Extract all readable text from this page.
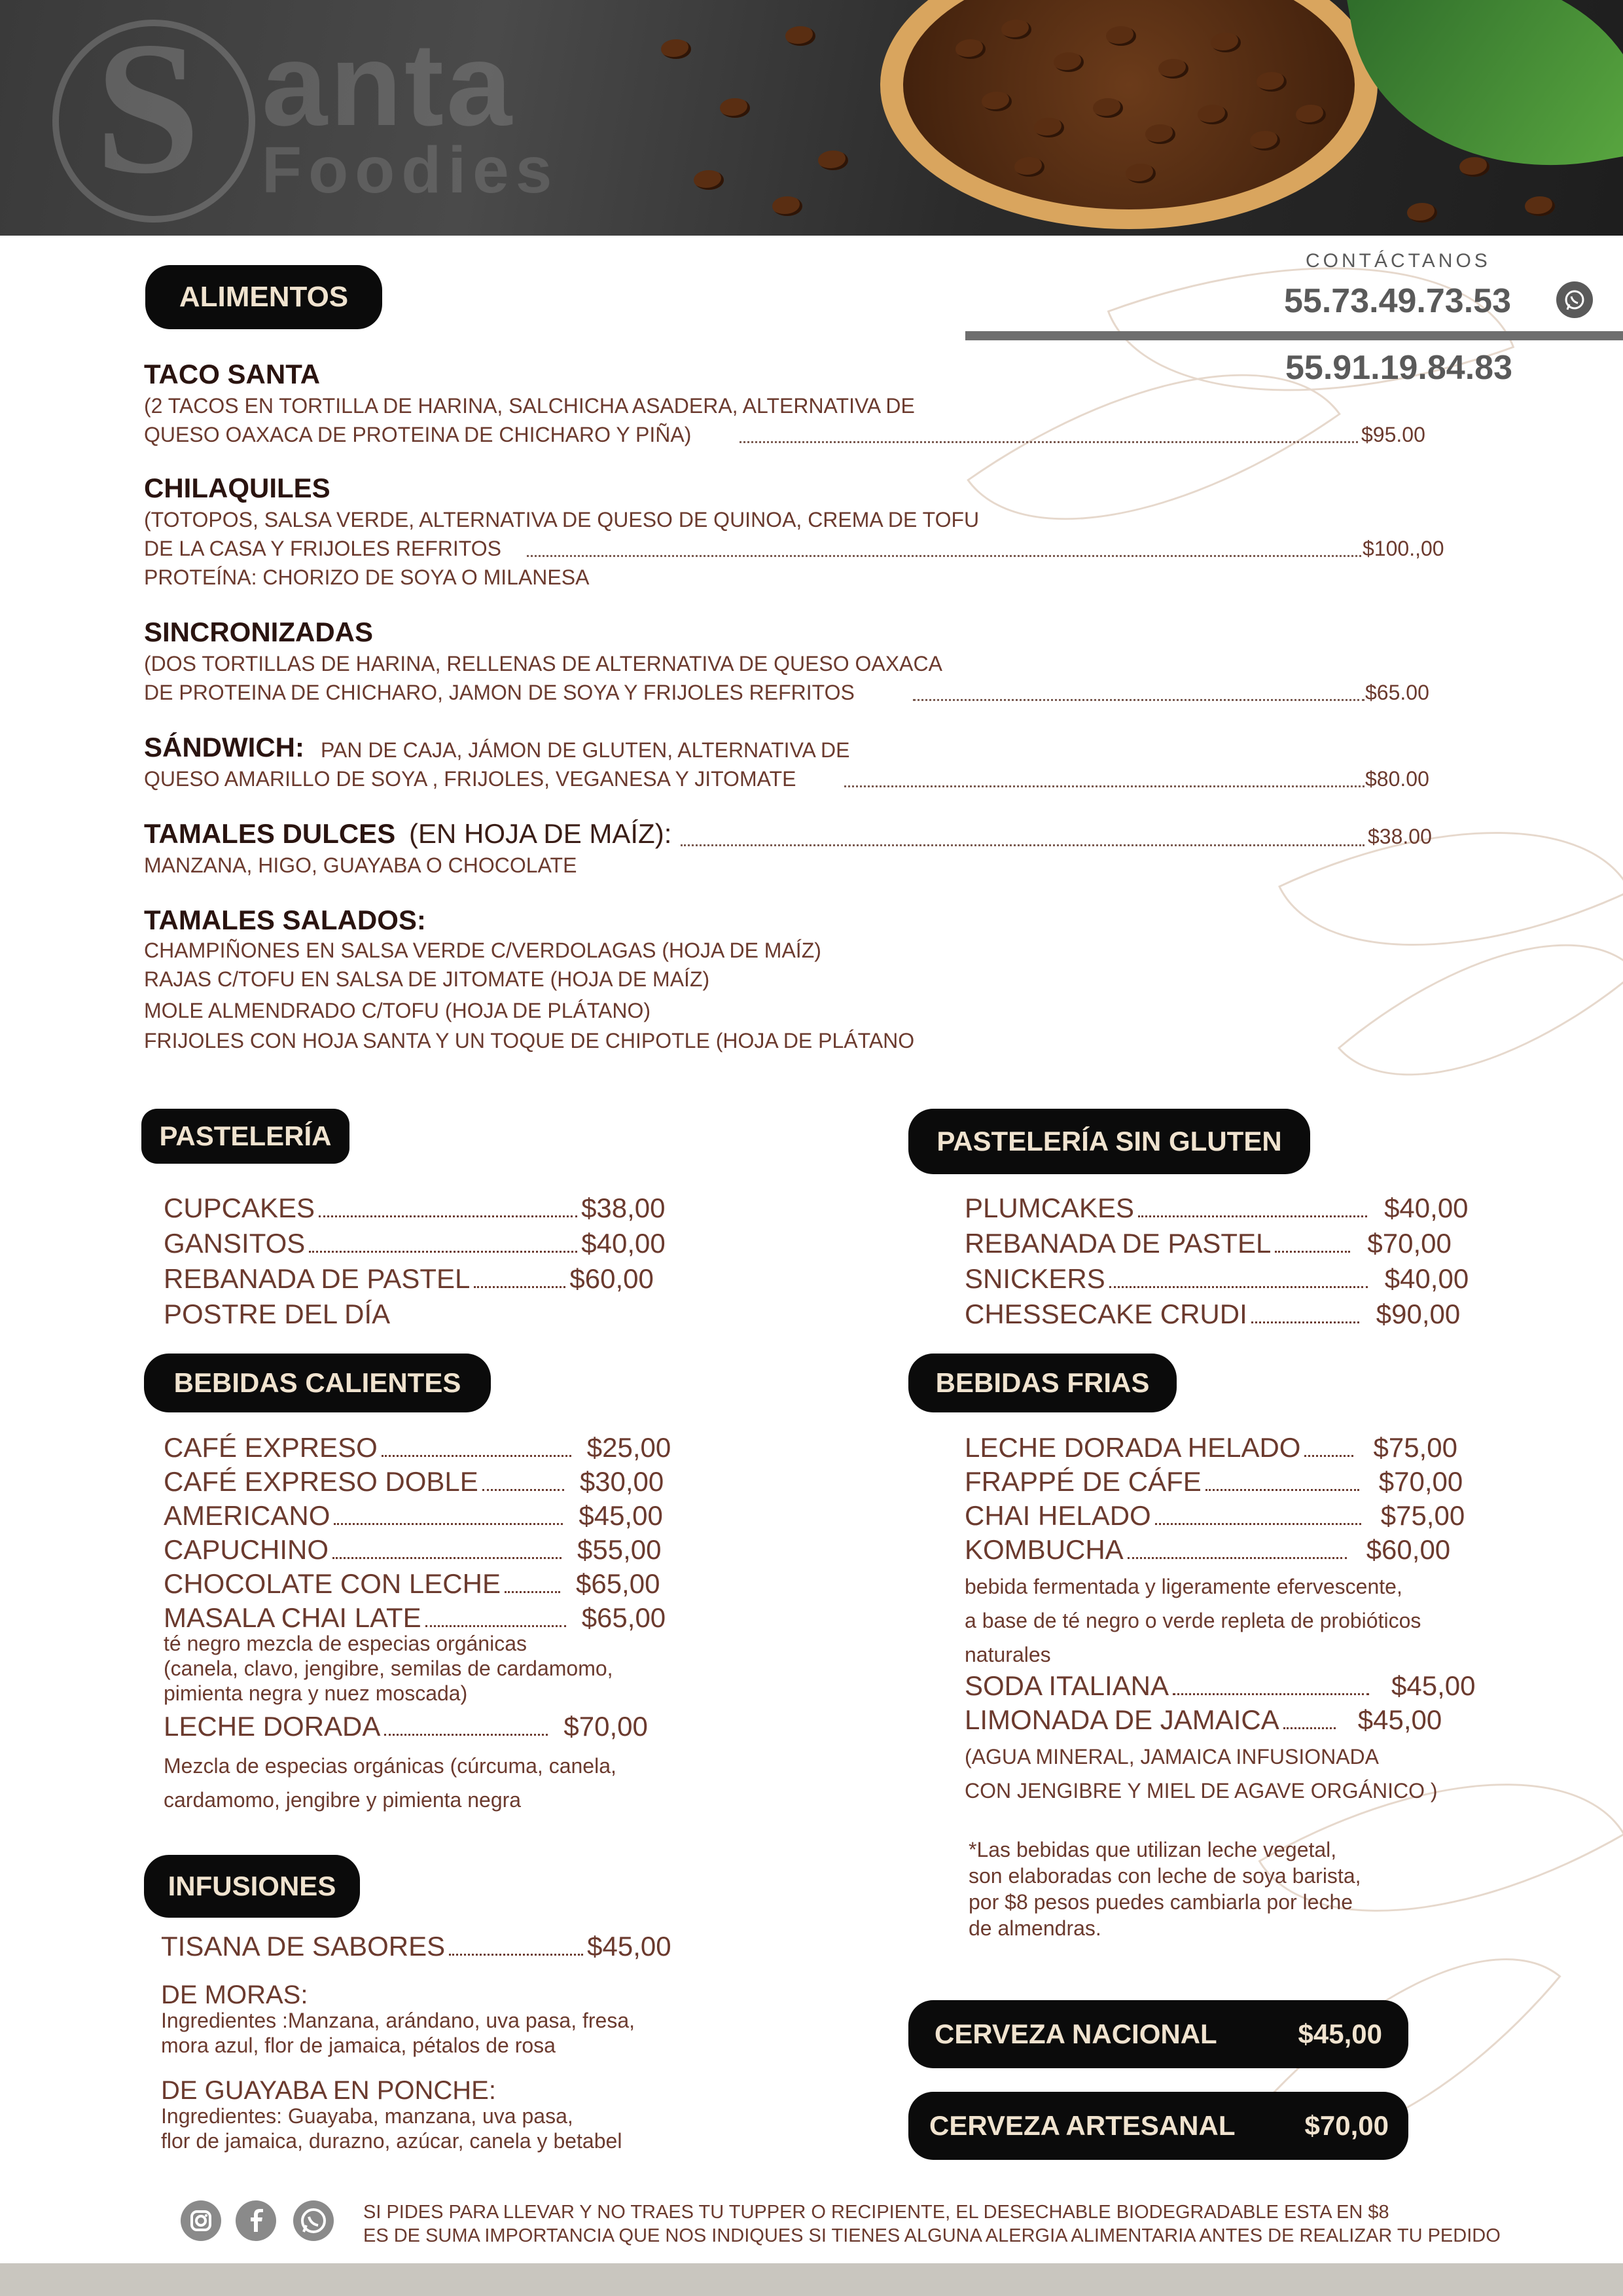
S anta
Foodies
CONTÁCTANOS
55.73.49.73.53
55.91.19.84.83
ALIMENTOS
TACO SANTA
(2 TACOS EN TORTILLA DE HARINA, SALCHICHA ASADERA, ALTERNATIVA DE
QUESO OAXACA DE PROTEINA DE CHICHARO Y PIÑA)	$95.00
CHILAQUILES
(TOTOPOS, SALSA VERDE, ALTERNATIVA DE QUESO DE QUINOA, CREMA DE TOFU
DE LA CASA Y FRIJOLES REFRITOS	$100.,00
PROTEÍNA: CHORIZO DE SOYA O MILANESA
SINCRONIZADAS
(DOS TORTILLAS DE HARINA, RELLENAS DE ALTERNATIVA DE QUESO OAXACA
DE PROTEINA DE CHICHARO, JAMON DE SOYA Y FRIJOLES REFRITOS	$65.00
SÁNDWICH: PAN DE CAJA, JÁMON DE GLUTEN, ALTERNATIVA DE
QUESO AMARILLO DE SOYA , FRIJOLES, VEGANESA Y JITOMATE	$80.00
TAMALES DULCES (EN HOJA DE MAÍZ):	$38.00
MANZANA, HIGO, GUAYABA O CHOCOLATE
TAMALES SALADOS:
CHAMPIÑONES EN SALSA VERDE C/VERDOLAGAS (HOJA DE MAÍZ)
RAJAS C/TOFU EN SALSA DE JITOMATE (HOJA DE MAÍZ)
MOLE ALMENDRADO C/TOFU (HOJA DE PLÁTANO)
FRIJOLES CON HOJA SANTA Y UN TOQUE DE CHIPOTLE (HOJA DE PLÁTANO
PASTELERÍA
CUPCAKES	$38,00
GANSITOS	$40,00
REBANADA DE PASTEL	$60,00
POSTRE DEL DÍA
PASTELERÍA SIN GLUTEN
PLUMCAKES	$40,00
REBANADA DE PASTEL	$70,00
SNICKERS	$40,00
CHESSECAKE CRUDI	$90,00
BEBIDAS CALIENTES
CAFÉ EXPRESO	$25,00
CAFÉ EXPRESO DOBLE	$30,00
AMERICANO	$45,00
CAPUCHINO	$55,00
CHOCOLATE CON LECHE	$65,00
MASALA CHAI LATE	$65,00
té negro mezcla de especias orgánicas
(canela, clavo, jengibre, semilas de cardamomo,
pimienta negra y nuez moscada)
LECHE DORADA	$70,00
Mezcla de especias orgánicas (cúrcuma, canela,
cardamomo, jengibre y pimienta negra
BEBIDAS FRIAS
LECHE DORADA HELADO	$75,00
FRAPPÉ DE CÁFE	$70,00
CHAI HELADO	$75,00
KOMBUCHA	$60,00
bebida fermentada y ligeramente efervescente,
a base de té negro o verde repleta de probióticos
naturales
SODA ITALIANA	$45,00
LIMONADA DE JAMAICA	$45,00
(AGUA MINERAL, JAMAICA INFUSIONADA
CON JENGIBRE Y MIEL DE AGAVE ORGÁNICO )
*Las bebidas que utilizan leche vegetal,
son elaboradas con leche de soya barista,
por $8 pesos puedes cambiarla por leche
de almendras.
INFUSIONES
TISANA DE SABORES	$45,00
DE MORAS:
Ingredientes :Manzana, arándano, uva pasa, fresa,
mora azul, flor de jamaica, pétalos de rosa
DE GUAYABA EN PONCHE:
Ingredientes: Guayaba, manzana, uva pasa,
flor de jamaica, durazno, azúcar, canela y betabel
CERVEZA NACIONAL	$45,00
CERVEZA ARTESANAL	$70,00
SI PIDES PARA LLEVAR Y NO TRAES TU TUPPER O RECIPIENTE, EL DESECHABLE BIODEGRADABLE ESTA EN $8
ES DE SUMA IMPORTANCIA QUE NOS INDIQUES SI TIENES ALGUNA ALERGIA ALIMENTARIA ANTES DE REALIZAR TU PEDIDO
